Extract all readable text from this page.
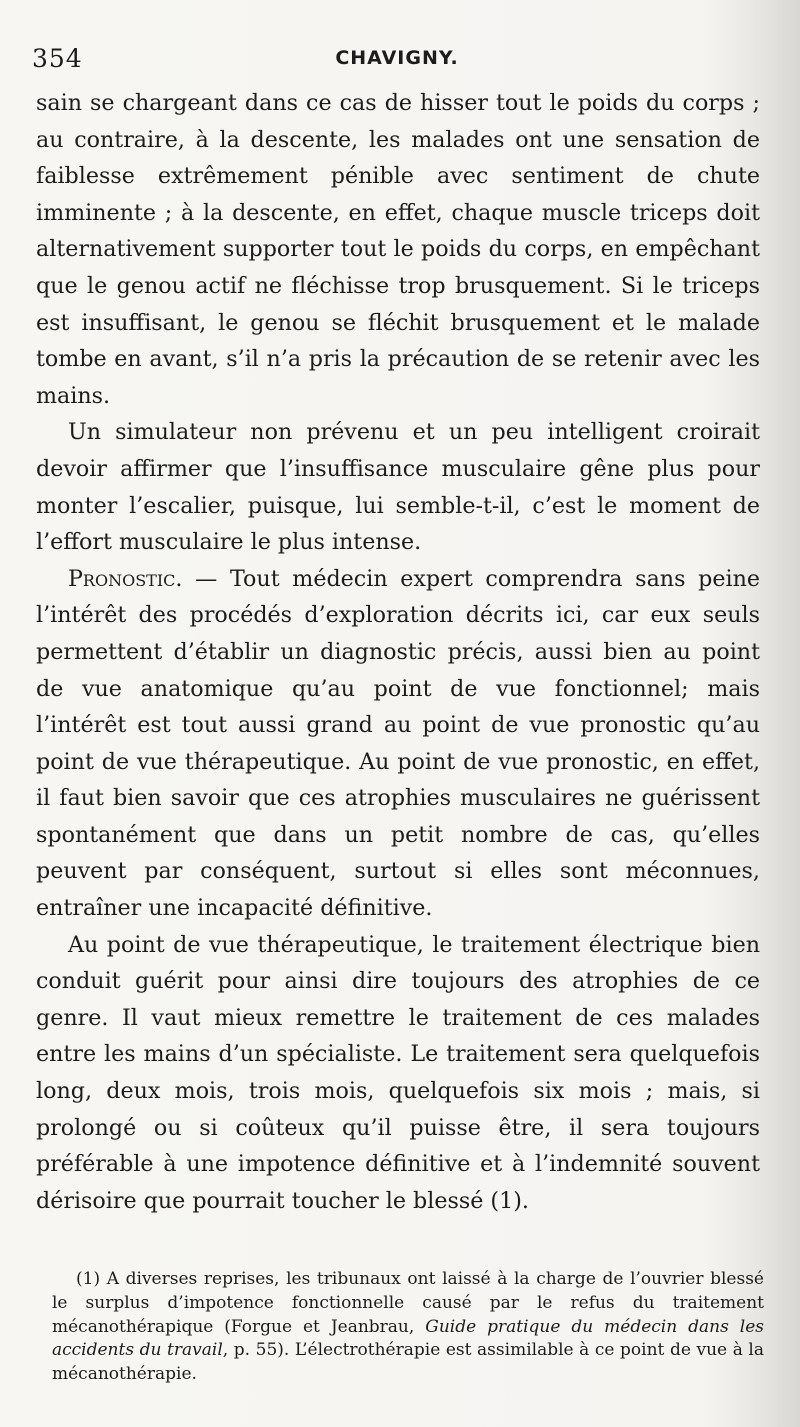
354	CHAVIGNY.

sain se chargeant dans ce cas de hisser tout le poids du corps ; au contraire, à la descente, les malades ont une sensation de faiblesse extrêmement pénible avec sentiment de chute imminente ; à la descente, en effet, chaque muscle triceps doit alternativement supporter tout le poids du corps, en empêchant que le genou actif ne fléchisse trop brusquement. Si le triceps est insuffisant, le genou se fléchit brusquement et le malade tombe en avant, s’il n’a pris la précaution de se retenir avec les mains.

Un simulateur non prévenu et un peu intelligent croirait devoir affirmer que l’insuffisance musculaire gêne plus pour monter l’escalier, puisque, lui semble-t-il, c’est le moment de l’effort musculaire le plus intense.

Pronostic. — Tout médecin expert comprendra sans peine l’intérêt des procédés d’exploration décrits ici, car eux seuls permettent d’établir un diagnostic précis, aussi bien au point de vue anatomique qu’au point de vue fonctionnel; mais l’intérêt est tout aussi grand au point de vue pronostic qu’au point de vue thérapeutique. Au point de vue pronostic, en effet, il faut bien savoir que ces atrophies musculaires ne guérissent spontanément que dans un petit nombre de cas, qu’elles peuvent par conséquent, surtout si elles sont méconnues, entraîner une incapacité définitive.

Au point de vue thérapeutique, le traitement électrique bien conduit guérit pour ainsi dire toujours des atrophies de ce genre. Il vaut mieux remettre le traitement de ces malades entre les mains d’un spécialiste. Le traitement sera quelquefois long, deux mois, trois mois, quelquefois six mois ; mais, si prolongé ou si coûteux qu’il puisse être, il sera toujours préférable à une impotence définitive et à l’indemnité souvent dérisoire que pourrait toucher le blessé (1).

(1) A diverses reprises, les tribunaux ont laissé à la charge de l’ouvrier blessé le surplus d’impotence fonctionnelle causé par le refus du traitement mécanothérapique (Forgue et Jeanbrau, Guide pratique du médecin dans les accidents du travail, p. 55). L’électrothérapie est assimilable à ce point de vue à la mécanothérapie.
